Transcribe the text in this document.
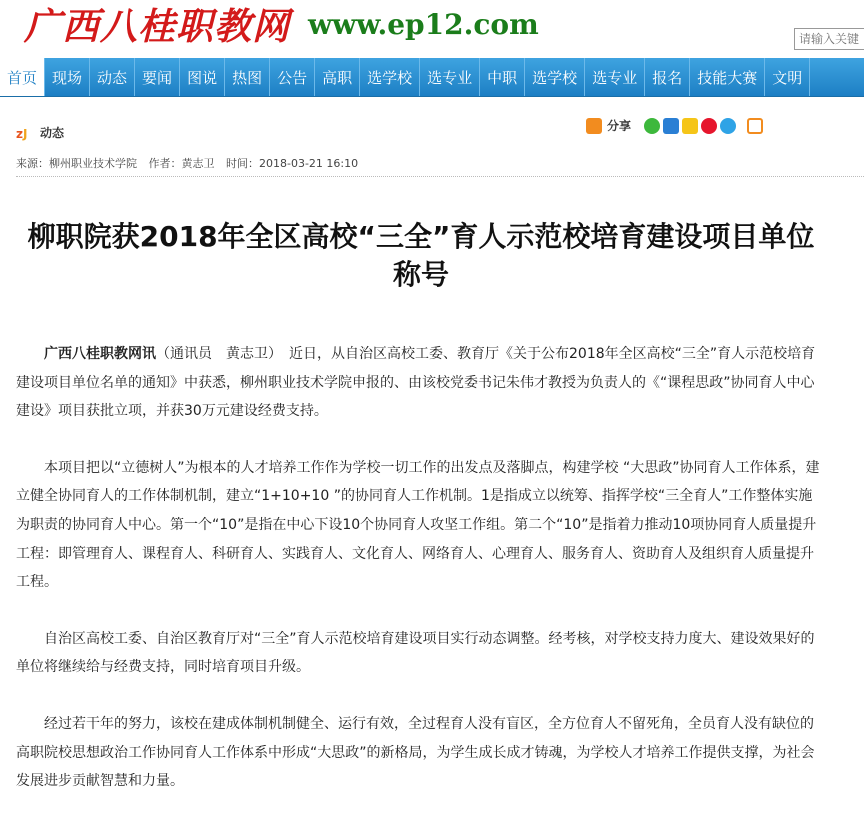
广西八桂职教网 www.ep12.com
请输入关键
首页	现场	动态	要闻	图说	热图	公告	高职	选学校	选专业	中职	选学校	选专业	报名	技能大赛	文明
z J 动态	分享
来源：柳州职业技术学院 作者：黄志卫 时间：2018-03-21 16:10
柳职院获2018年全区高校“三全”育人示范校培育建设项目单位称号

广西八桂职教网讯（通讯员　黄志卫）　 近日，从自治区高校工委、教育厅《关于公布2018年全区高校“三全”育人示范校培育建设项目单位名单的通知》中获悉，柳州职业技术学院申报的、由该校党委书记朱伟才教授为负责人的《“课程思政”协同育人中心建设》项目获批立项，并获30万元建设经费支持。

本项目把以“立德树人”为根本的人才培养工作作为学校一切工作的出发点及落脚点，构建学校 “大思政”协同育人工作体系，建立健全协同育人的工作体制机制，建立“1+10+10 ”的协同育人工作机制。1是指成立以统筹、指挥学校“三全育人”工作整体实施为职责的协同育人中心。第一个“10”是指在中心下设10个协同育人攻坚工作组。第二个“10”是指着力推动10项协同育人质量提升工程：即管理育人、课程育人、科研育人、实践育人、文化育人、网络育人、心理育人、服务育人、资助育人及组织育人质量提升工程。

自治区高校工委、自治区教育厅对“三全”育人示范校培育建设项目实行动态调整。经考核，对学校支持力度大、建设效果好的单位将继续给与经费支持，同时培育项目升级。

经过若干年的努力，该校在建成体制机制健全、运行有效，全过程育人没有盲区，全方位育人不留死角，全员育人没有缺位的高职院校思想政治工作协同育人工作体系中形成“大思政”的新格局，为学生成长成才铸魂，为学校人才培养工作提供支撑，为社会发展进步贡献智慧和力量。
